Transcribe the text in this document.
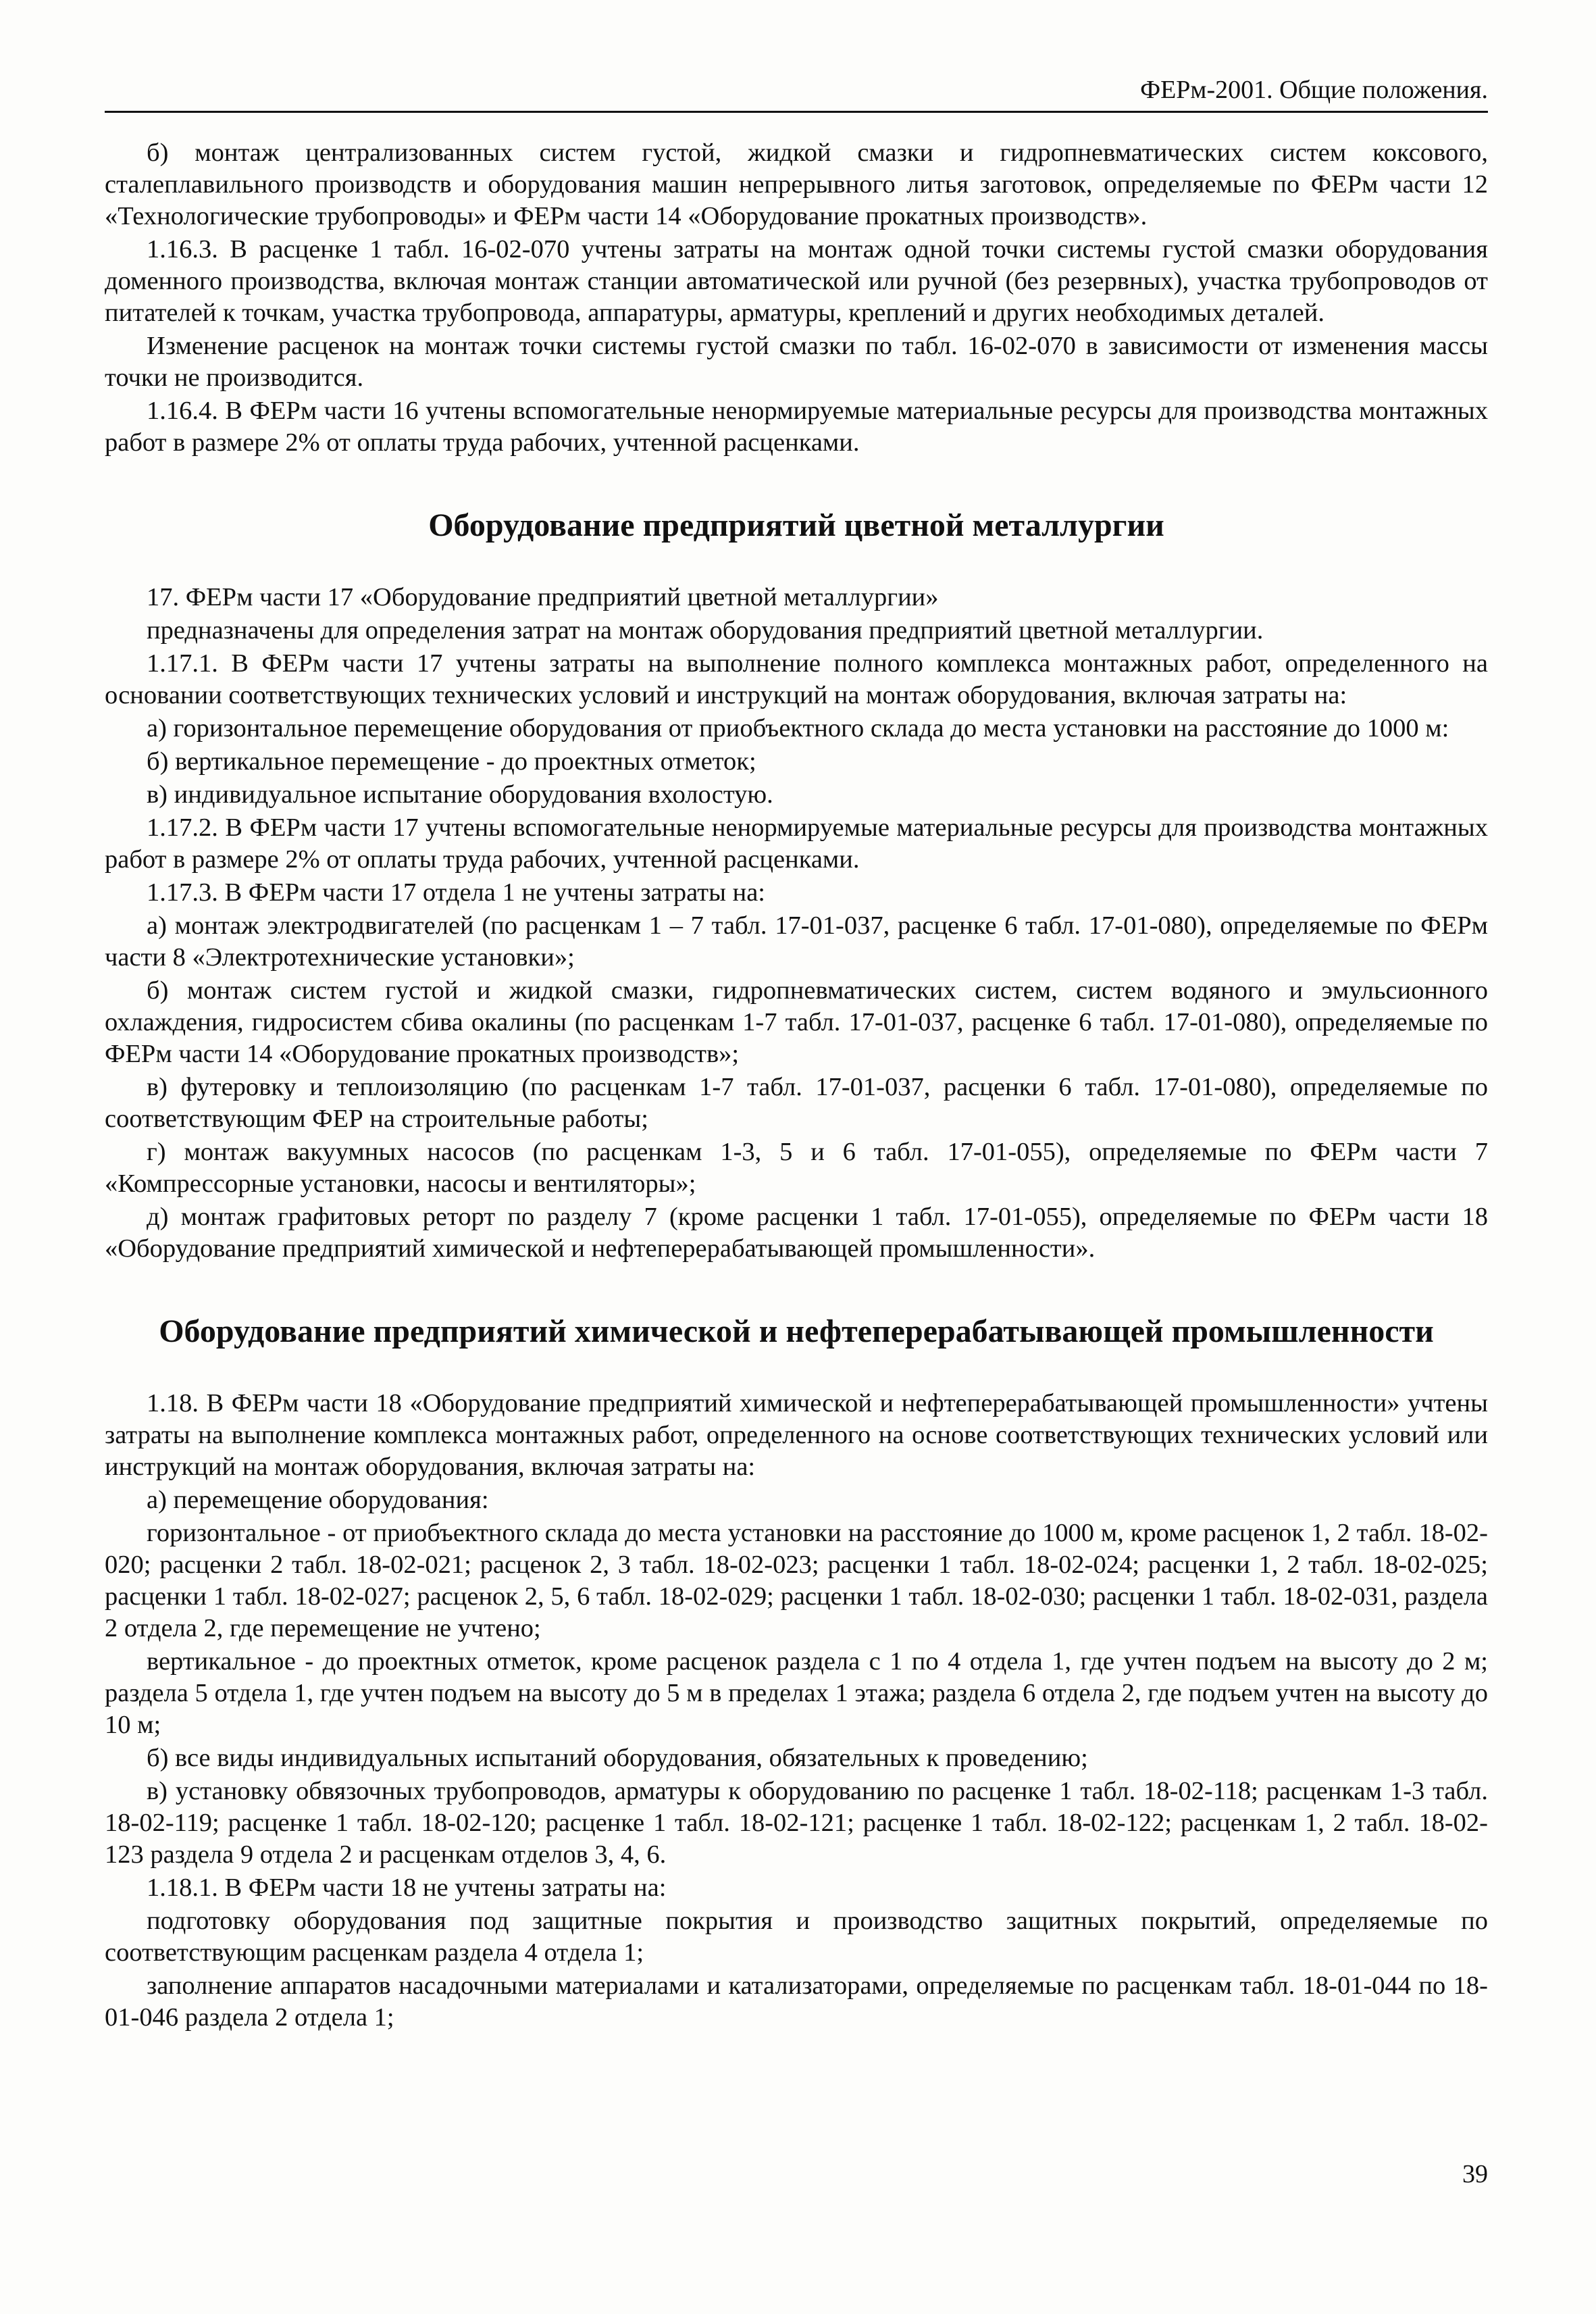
ФЕРм-2001. Общие положения.

б) монтаж централизованных систем густой, жидкой смазки и гидропневматических систем коксового, сталеплавильного производств и оборудования машин непрерывного литья заготовок, определяемые по ФЕРм части 12 «Технологические трубопроводы» и ФЕРм части 14 «Оборудование прокатных производств».

1.16.3. В расценке 1 табл. 16-02-070 учтены затраты на монтаж одной точки системы густой смазки оборудования доменного производства, включая монтаж станции автоматической или ручной (без резервных), участка трубопроводов от питателей к точкам, участка трубопровода, аппаратуры, арматуры, креплений и других необходимых деталей.

Изменение расценок на монтаж точки системы густой смазки по табл. 16-02-070 в зависимости от изменения массы точки не производится.

1.16.4. В ФЕРм части 16 учтены вспомогательные ненормируемые материальные ресурсы для производства монтажных работ в размере 2% от оплаты труда рабочих, учтенной расценками.

Оборудование предприятий цветной металлургии

17. ФЕРм части 17 «Оборудование предприятий цветной металлургии»

предназначены для определения затрат на монтаж оборудования предприятий цветной металлургии.

1.17.1. В ФЕРм части 17 учтены затраты на выполнение полного комплекса монтажных работ, определенного на основании соответствующих технических условий и инструкций на монтаж оборудования, включая затраты на:

а) горизонтальное перемещение оборудования от приобъектного склада до места установки на расстояние до 1000 м:

б) вертикальное перемещение - до проектных отметок;

в) индивидуальное испытание оборудования вхолостую.

1.17.2. В ФЕРм части 17 учтены вспомогательные ненормируемые материальные ресурсы для производства монтажных работ в размере 2% от оплаты труда рабочих, учтенной расценками.

1.17.3. В ФЕРм части 17 отдела 1 не учтены затраты на:

а) монтаж электродвигателей (по расценкам 1 – 7 табл. 17-01-037, расценке 6 табл. 17-01-080), определяемые по ФЕРм части 8 «Электротехнические установки»;

б) монтаж систем густой и жидкой смазки, гидропневматических систем, систем водяного и эмульсионного охлаждения, гидросистем сбива окалины (по расценкам 1-7 табл. 17-01-037, расценке 6 табл. 17-01-080), определяемые по ФЕРм части 14 «Оборудование прокатных производств»;

в) футеровку и теплоизоляцию (по расценкам 1-7 табл. 17-01-037, расценки 6 табл. 17-01-080), определяемые по соответствующим ФЕР на строительные работы;

г) монтаж вакуумных насосов (по расценкам 1-3, 5 и 6 табл. 17-01-055), определяемые по ФЕРм части 7 «Компрессорные установки, насосы и вентиляторы»;

д) монтаж графитовых реторт по разделу 7 (кроме расценки 1 табл. 17-01-055), определяемые по ФЕРм части 18 «Оборудование предприятий химической и нефтеперерабатывающей промышленности».

Оборудование предприятий химической и нефтеперерабатывающей промышленности

1.18. В ФЕРм части 18 «Оборудование предприятий химической и нефтеперерабатывающей промышленности» учтены затраты на выполнение комплекса монтажных работ, определенного на основе соответствующих технических условий или инструкций на монтаж оборудования, включая затраты на:

а) перемещение оборудования:

горизонтальное - от приобъектного склада до места установки на расстояние до 1000 м, кроме расценок 1, 2 табл. 18-02-020; расценки 2 табл. 18-02-021; расценок 2, 3 табл. 18-02-023; расценки 1 табл. 18-02-024; расценки 1, 2 табл. 18-02-025; расценки 1 табл. 18-02-027; расценок 2, 5, 6 табл. 18-02-029; расценки 1 табл. 18-02-030; расценки 1 табл. 18-02-031, раздела 2 отдела 2, где перемещение не учтено;

вертикальное - до проектных отметок, кроме расценок раздела с 1 по 4 отдела 1, где учтен подъем на высоту до 2 м; раздела 5 отдела 1, где учтен подъем на высоту до 5 м в пределах 1 этажа; раздела 6 отдела 2, где подъем учтен на высоту до 10 м;

б) все виды индивидуальных испытаний оборудования, обязательных к проведению;

в) установку обвязочных трубопроводов, арматуры к оборудованию по расценке 1 табл. 18-02-118; расценкам 1-3 табл. 18-02-119; расценке 1 табл. 18-02-120; расценке 1 табл. 18-02-121; расценке 1 табл. 18-02-122; расценкам 1, 2 табл. 18-02-123 раздела 9 отдела 2 и расценкам отделов 3, 4, 6.

1.18.1. В ФЕРм части 18 не учтены затраты на:

подготовку оборудования под защитные покрытия и производство защитных покрытий, определяемые по соответствующим расценкам раздела 4 отдела 1;

заполнение аппаратов насадочными материалами и катализаторами, определяемые по расценкам табл. 18-01-044 по 18-01-046 раздела 2 отдела 1;

39
